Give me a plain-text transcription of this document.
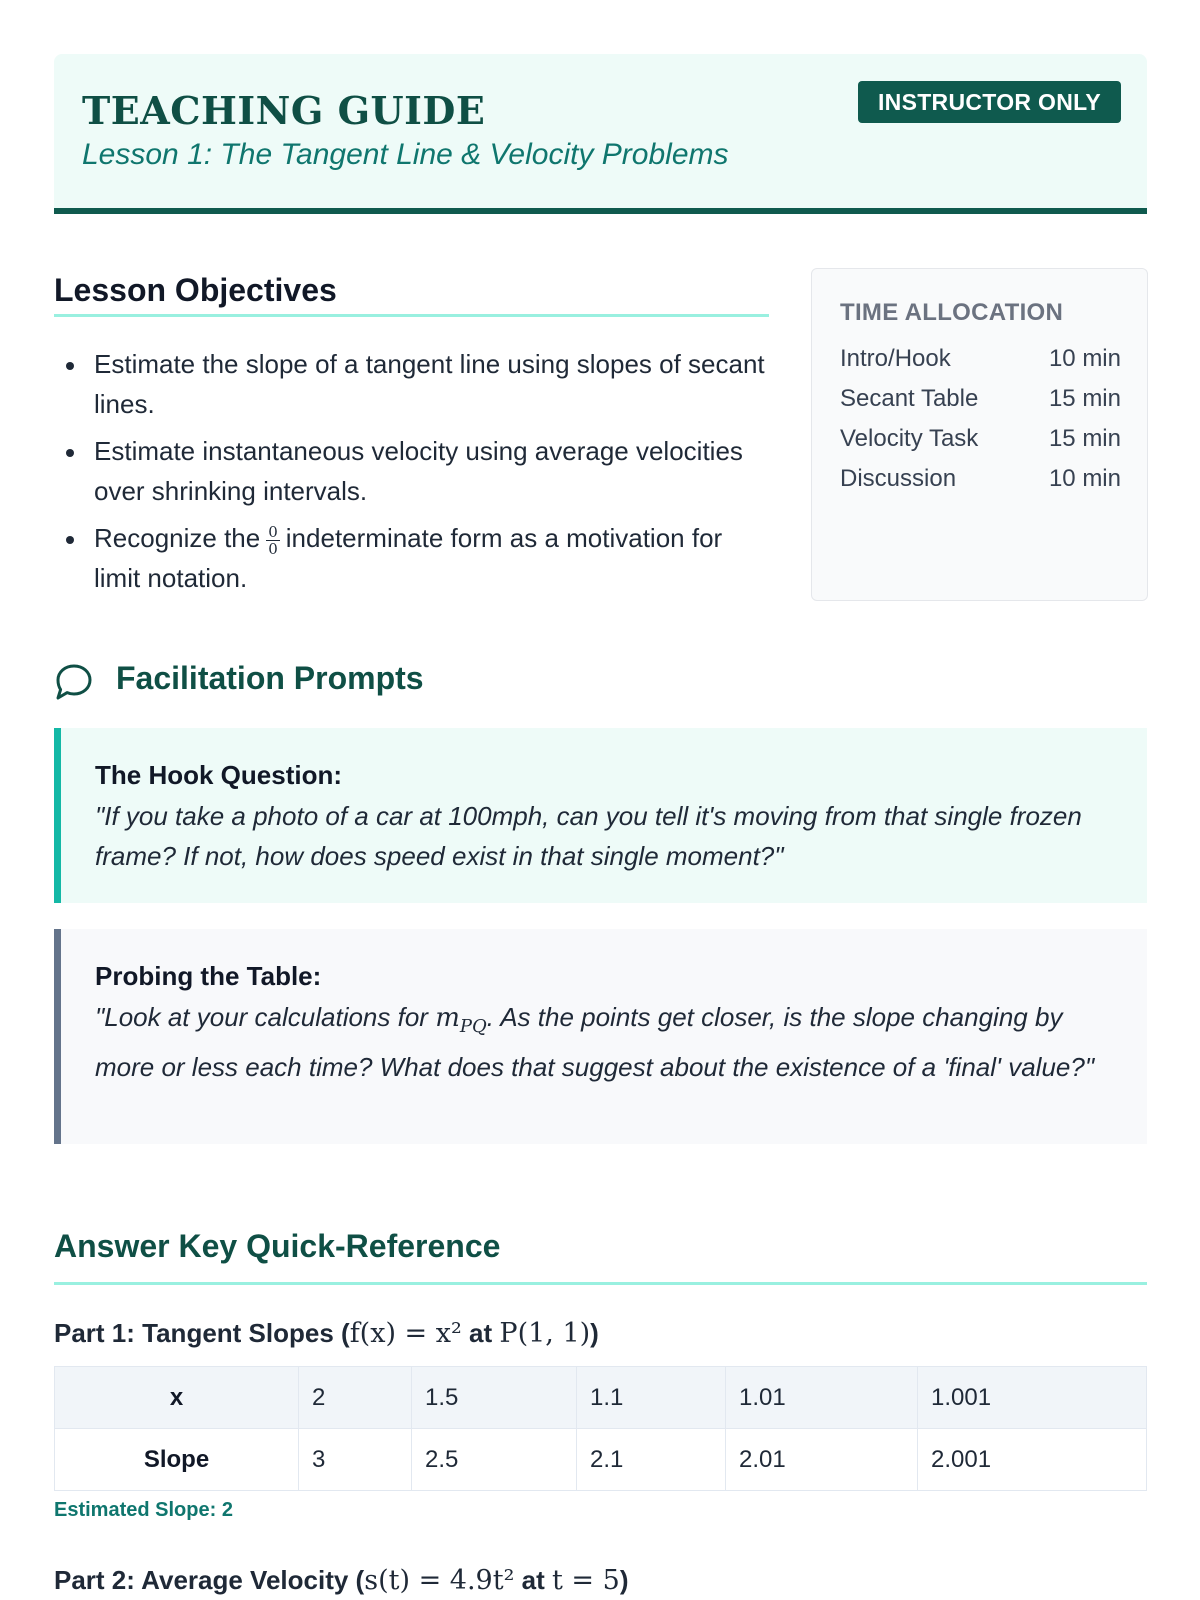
TEACHING GUIDE
Lesson 1: The Tangent Line & Velocity Problems
INSTRUCTOR ONLY
Lesson Objectives
Estimate the slope of a tangent line using slopes of secant lines.
Estimate instantaneous velocity using average velocities over shrinking intervals.
Recognize the $\frac{0}{0}$ indeterminate form as a motivation for limit notation.
TIME ALLOCATION
Intro/Hook	10 min
Secant Table	15 min
Velocity Task	15 min
Discussion	10 min
Facilitation Prompts
The Hook Question:
"If you take a photo of a car at 100mph, can you tell it's moving from that single frozen frame? If not, how does speed exist in that single moment?"
Probing the Table:
"Look at your calculations for $m_{PQ}$. As the points get closer, is the slope changing by more or less each time? What does that suggest about the existence of a 'final' value?"
Answer Key Quick-Reference
Part 1: Tangent Slopes (f(x) = x² at P(1, 1))
x	2	1.5	1.1	1.01	1.001
Slope	3	2.5	2.1	2.01	2.001
Estimated Slope: 2
Part 2: Average Velocity (s(t) = 4.9t² at t = 5)
